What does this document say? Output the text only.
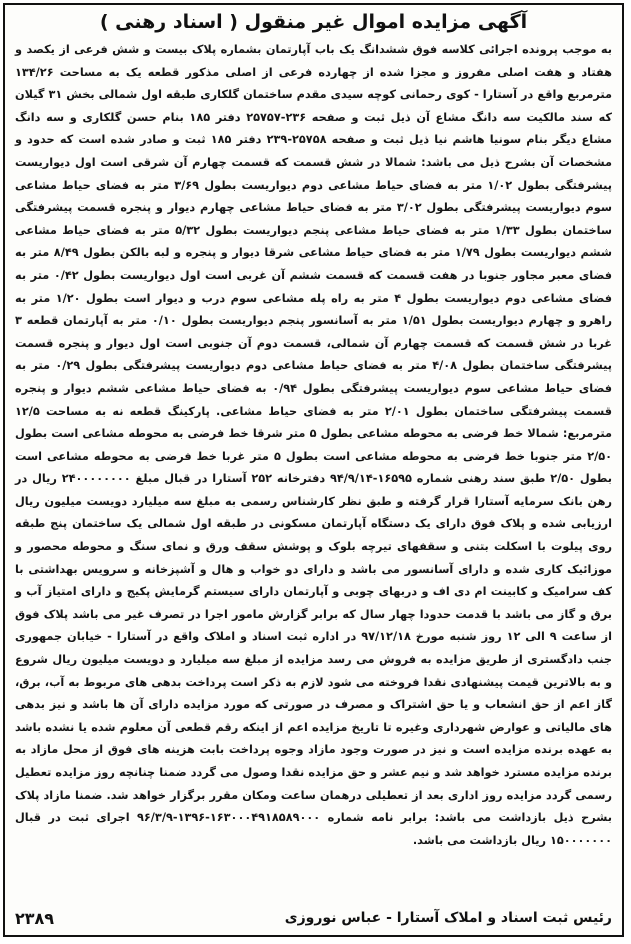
آگهی مزایده اموال غیر منقول ( اسناد رهنی )

به موجب پرونده اجرائی کلاسه فوق ششدانگ یک باب آپارتمان بشماره پلاک بیست و شش فرعی از یکصد و هفتاد و هفت اصلی مفروز و مجزا شده از چهارده فرعی از اصلی مذکور قطعه یک به مساحت ۱۳۴/۲۶ مترمربع واقع در آستارا - کوی رحمانی کوچه سیدی مقدم ساختمان گلکاری طبقه اول شمالی بخش ۳۱ گیلان که سند مالکیت سه دانگ مشاع آن ذیل ثبت و صفحه ۲۳۶-۲۵۷۵۷ دفتر ۱۸۵ بنام حسن گلکاری و سه دانگ مشاع دیگر بنام سونیا هاشم نیا ذیل ثبت و صفحه ۲۵۷۵۸-۲۳۹ دفتر ۱۸۵ ثبت و صادر شده است که حدود و مشخصات آن بشرح ذیل می باشد: شمالا در شش قسمت که قسمت چهارم آن شرقی است اول دیواریست پیشرفتگی بطول ۱/۰۲ متر به فضای حیاط مشاعی دوم دیواریست بطول ۳/۶۹ متر به فضای حیاط مشاعی سوم دیواریست پیشرفتگی بطول ۳/۰۲ متر به فضای حیاط مشاعی چهارم دیوار و پنجره قسمت پیشرفتگی ساختمان بطول ۱/۳۳ متر به فضای حیاط مشاعی پنجم دیواریست بطول ۵/۳۲ متر به فضای حیاط مشاعی ششم دیواریست بطول ۱/۷۹ متر به فضای حیاط مشاعی شرقا دیوار و پنجره و لبه بالکن بطول ۸/۴۹ متر به فضای معبر مجاور جنوبا در هفت قسمت که قسمت ششم آن غربی است اول دیواریست بطول ۰/۴۲ متر به فضای مشاعی دوم دیواریست بطول ۴ متر به راه پله مشاعی سوم درب و دیوار است بطول ۱/۲۰ متر به راهرو و چهارم دیواریست بطول ۱/۵۱ متر به آسانسور پنجم دیواریست بطول ۰/۱۰ متر به آپارتمان قطعه ۳ غربا در شش قسمت که قسمت چهارم آن شمالی، قسمت دوم آن جنوبی است اول دیوار و پنجره قسمت پیشرفتگی ساختمان بطول ۴/۰۸ متر به فضای حیاط مشاعی دوم دیواریست پیشرفتگی بطول ۰/۲۹ متر به فضای حیاط مشاعی سوم دیواریست پیشرفتگی بطول ۰/۹۴ به فضای حیاط مشاعی ششم دیوار و پنجره قسمت پیشرفتگی ساختمان بطول ۲/۰۱ متر به فضای حیاط مشاعی. پارکینگ قطعه نه به مساحت ۱۲/۵ مترمربع: شمالا خط فرضی به محوطه مشاعی بطول ۵ متر شرقا خط فرضی به محوطه مشاعی است بطول ۲/۵۰ متر جنوبا خط فرضی به محوطه مشاعی است بطول ۵ متر غربا خط فرضی به محوطه مشاعی است بطول ۲/۵۰ طبق سند رهنی شماره ۱۶۵۹۵-۹۴/۹/۱۴ دفترخانه ۲۵۲ آستارا در قبال مبلغ ۲۴۰۰۰۰۰۰۰۰ ریال در رهن بانک سرمایه آستارا قرار گرفته و طبق نظر کارشناس رسمی به مبلغ سه میلیارد دویست میلیون ریال ارزیابی شده و پلاک فوق دارای یک دستگاه آپارتمان مسکونی در طبقه اول شمالی یک ساختمان پنج طبقه روی پیلوت با اسکلت بتنی و سقفهای تیرچه بلوک و پوشش سقف ورق و نمای سنگ و محوطه محصور و موزائیک کاری شده و دارای آسانسور می باشد و دارای دو خواب و هال و آشپزخانه و سرویس بهداشتی با کف سرامیک و کابینت ام دی اف و دربهای چوبی و آپارتمان دارای سیستم گرمایش پکیج و دارای امتیاز آب و برق و گاز می باشد با قدمت حدودا چهار سال که برابر گزارش مامور اجرا در تصرف غیر می باشد پلاک فوق از ساعت ۹ الی ۱۲ روز شنبه مورخ ۹۷/۱۲/۱۸ در اداره ثبت اسناد و املاک واقع در آستارا - خیابان جمهوری جنب دادگستری از طریق مزایده به فروش می رسد مزایده از مبلغ سه میلیارد و دویست میلیون ریال شروع و به بالاترین قیمت پیشنهادی نقدا فروخته می شود لازم به ذکر است پرداخت بدهی های مربوط به آب، برق، گاز اعم از حق انشعاب و یا حق اشتراک و مصرف در صورتی که مورد مزایده دارای آن ها باشد و نیز بدهی های مالیاتی و عوارض شهرداری وغیره تا تاریخ مزایده اعم از اینکه رقم قطعی آن معلوم شده یا نشده باشد به عهده برنده مزایده است و نیز در صورت وجود مازاد وجوه پرداخت بابت هزینه های فوق از محل مازاد به برنده مزایده مسترد خواهد شد و نیم عشر و حق مزایده نقدا وصول می گردد ضمنا چنانچه روز مزایده تعطیل رسمی گردد مزایده روز اداری بعد از تعطیلی درهمان ساعت ومکان مقرر برگزار خواهد شد. ضمنا مازاد پلاک بشرح ذیل بازداشت می باشد: برابر نامه شماره ۱۶۳۰۰۰۴۹۱۸۵۸۹۰۰۰-۱۳۹۶-۹۶/۳/۹ اجرای ثبت در قبال ۱۵۰۰۰۰۰۰۰ ریال بازداشت می باشد.

رئیس ثبت اسناد و املاک آستارا - عباس نوروزی
۲۳۸۹
